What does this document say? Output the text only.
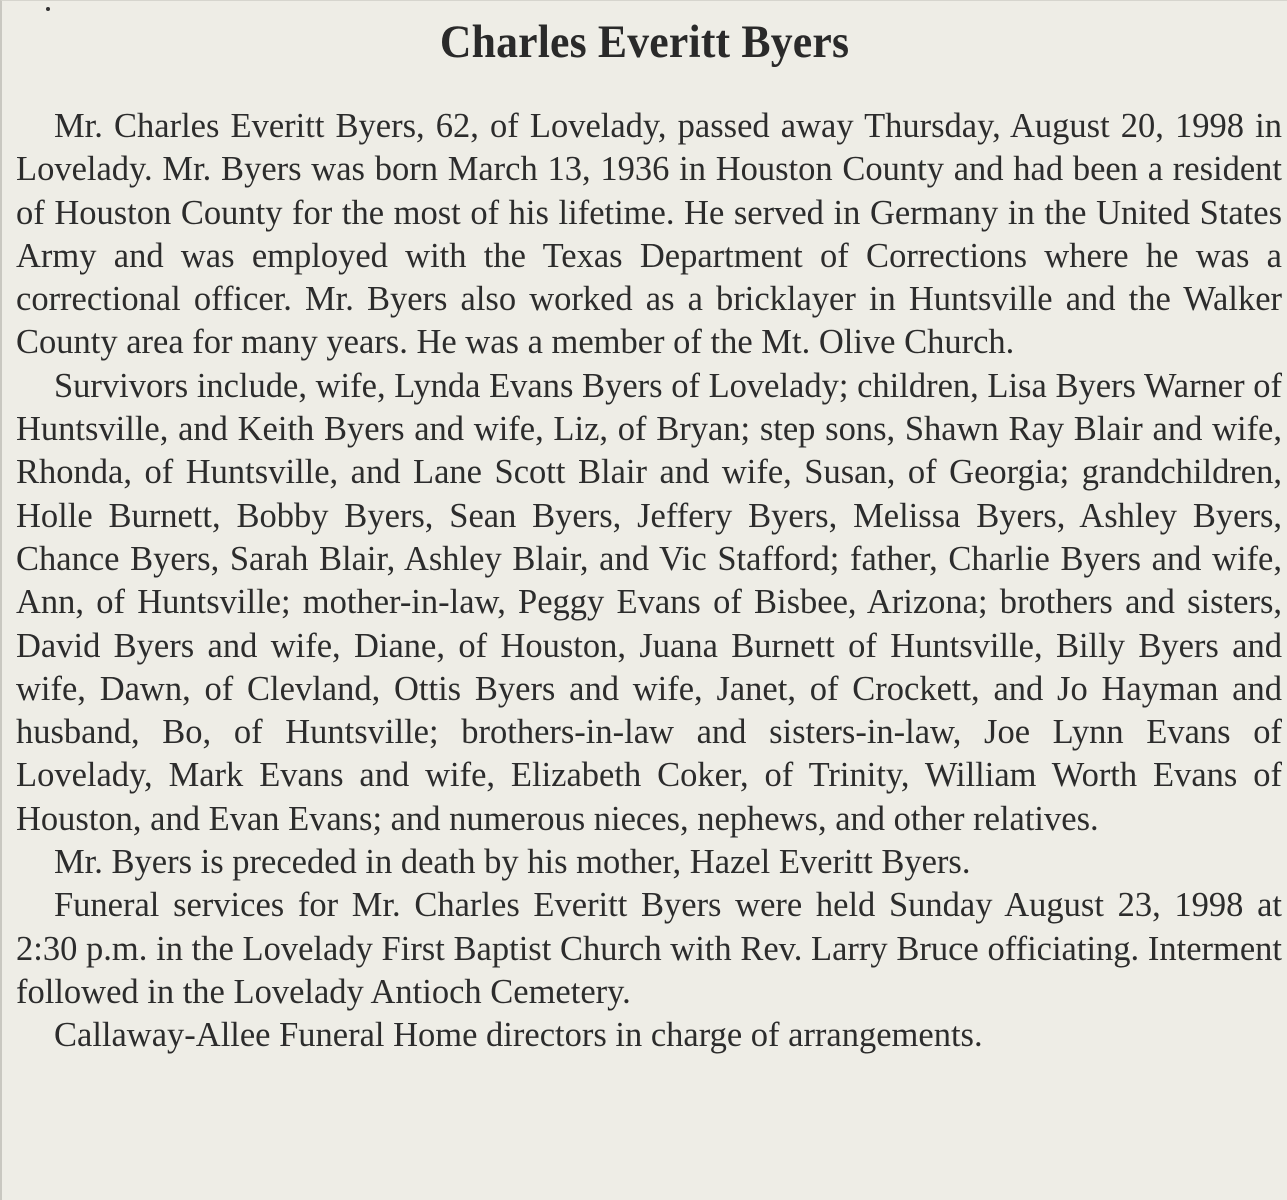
Charles Everitt Byers

Mr. Charles Everitt Byers, 62, of Lovelady, passed away Thursday, August 20, 1998 in Lovelady. Mr. Byers was born March 13, 1936 in Houston County and had been a resident of Houston County for the most of his lifetime. He served in Germany in the United States Army and was employed with the Texas Department of Corrections where he was a correctional officer. Mr. Byers also worked as a bricklayer in Huntsville and the Walker County area for many years. He was a member of the Mt. Olive Church.

Survivors include, wife, Lynda Evans Byers of Lovelady; children, Lisa Byers Warner of Huntsville, and Keith Byers and wife, Liz, of Bryan; step sons, Shawn Ray Blair and wife, Rhonda, of Huntsville, and Lane Scott Blair and wife, Susan, of Georgia; grandchildren, Holle Burnett, Bobby Byers, Sean Byers, Jeffery Byers, Melissa Byers, Ashley Byers, Chance Byers, Sarah Blair, Ashley Blair, and Vic Stafford; father, Charlie Byers and wife, Ann, of Huntsville; mother-in-law, Peggy Evans of Bisbee, Arizona; brothers and sisters, David Byers and wife, Diane, of Houston, Juana Burnett of Huntsville, Billy Byers and wife, Dawn, of Clevland, Ottis Byers and wife, Janet, of Crockett, and Jo Hayman and husband, Bo, of Huntsville; brothers-in-law and sisters-in-law, Joe Lynn Evans of Lovelady, Mark Evans and wife, Elizabeth Coker, of Trinity, William Worth Evans of Houston, and Evan Evans; and numerous nieces, nephews, and other relatives.

Mr. Byers is preceded in death by his mother, Hazel Everitt Byers.

Funeral services for Mr. Charles Everitt Byers were held Sunday August 23, 1998 at 2:30 p.m. in the Lovelady First Baptist Church with Rev. Larry Bruce officiating. Interment followed in the Lovelady Antioch Cemetery.

Callaway-Allee Funeral Home directors in charge of arrangements.
